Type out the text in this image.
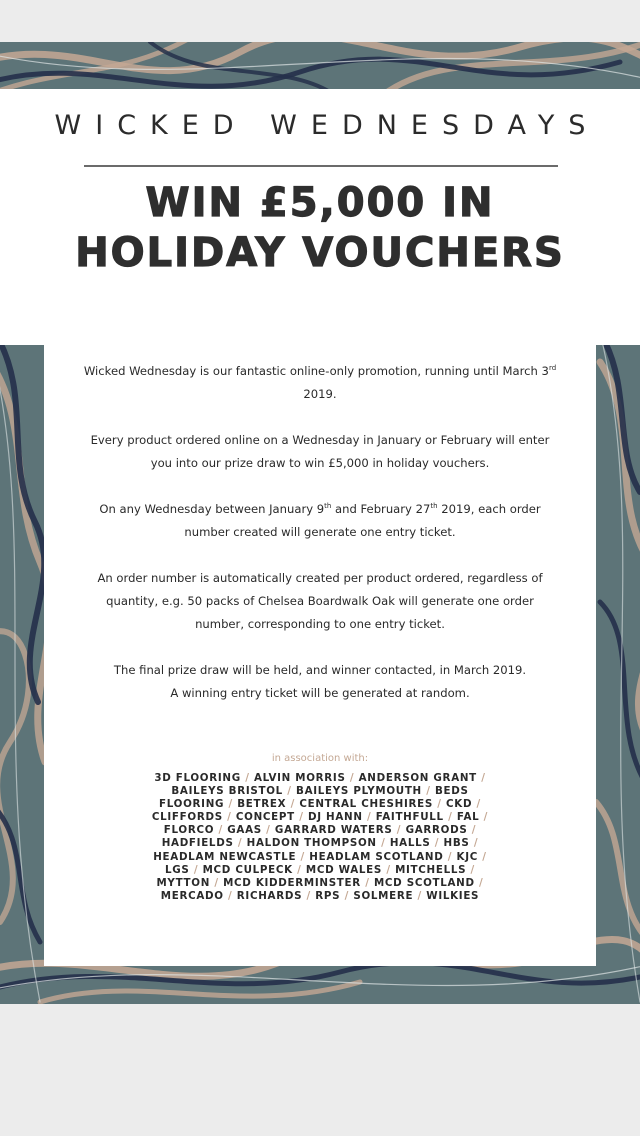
WICKED WEDNESDAYS
WIN £5,000 IN
HOLIDAY VOUCHERS

Wicked Wednesday is our fantastic online-only promotion, running until March 3rd 2019.

Every product ordered online on a Wednesday in January or February will enter you into our prize draw to win £5,000 in holiday vouchers.

On any Wednesday between January 9th and February 27th 2019, each order number created will generate one entry ticket.

An order number is automatically created per product ordered, regardless of quantity, e.g. 50 packs of Chelsea Boardwalk Oak will generate one order number, corresponding to one entry ticket.

The final prize draw will be held, and winner contacted, in March 2019.
A winning entry ticket will be generated at random.

in association with:
3D FLOORING / ALVIN MORRIS / ANDERSON GRANT / BAILEYS BRISTOL / BAILEYS PLYMOUTH / BEDS FLOORING / BETREX / CENTRAL CHESHIRES / CKD / CLIFFORDS / CONCEPT / DJ HANN / FAITHFULL / FAL / FLORCO / GAAS / GARRARD WATERS / GARRODS / HADFIELDS / HALDON THOMPSON / HALLS / HBS / HEADLAM NEWCASTLE / HEADLAM SCOTLAND / KJC / LGS / MCD CULPECK / MCD WALES / MITCHELLS / MYTTON / MCD KIDDERMINSTER / MCD SCOTLAND / MERCADO / RICHARDS / RPS / SOLMERE / WILKIES
